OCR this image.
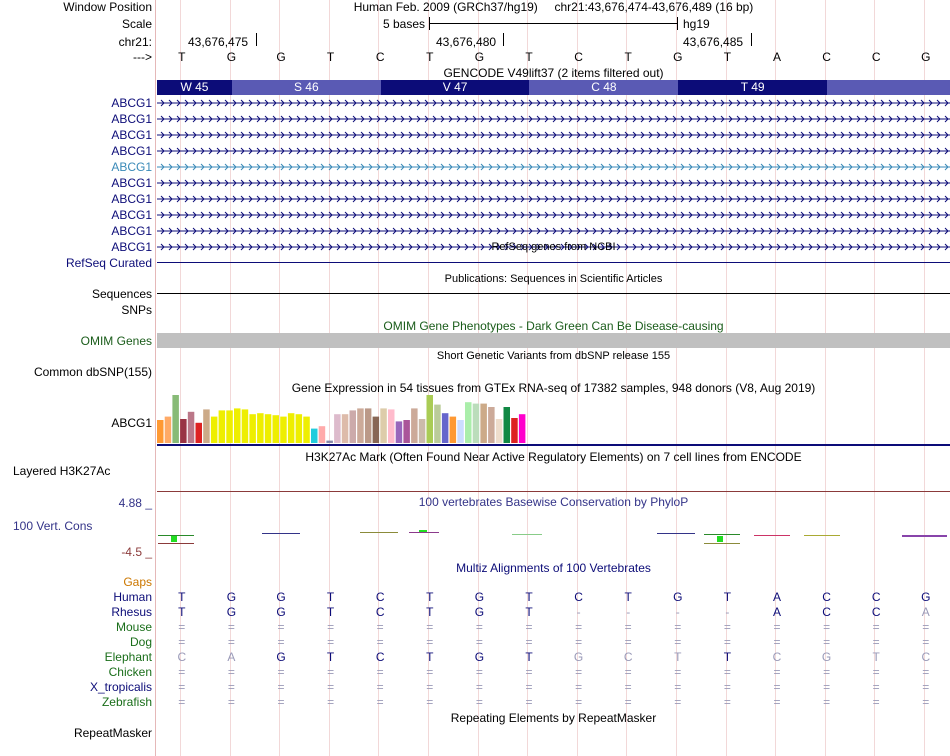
Window Position	Human Feb. 2009 (GRCh37/hg19) chr21:43,676,474-43,676,489 (16 bp)
Scale	5 bases	hg19
chr21:	43,676,475	43,676,480	43,676,485
--->	T	G	G	T	C	T	G	T	C	T	G	T	A	C	C	G
GENCODE V49lift37 (2 items filtered out)
W 45	S 46	V 47	C 48	T 49
ABCG1
ABCG1
ABCG1
ABCG1
ABCG1
ABCG1
ABCG1
ABCG1
ABCG1
ABCG1	RefSeq genes from NCBI
RefSeq Curated
Publications: Sequences in Scientific Articles
Sequences
SNPs
OMIM Gene Phenotypes - Dark Green Can Be Disease-causing
OMIM Genes
Short Genetic Variants from dbSNP release 155
Common dbSNP(155)
Gene Expression in 54 tissues from GTEx RNA-seq of 17382 samples, 948 donors (V8, Aug 2019)
ABCG1
H3K27Ac Mark (Often Found Near Active Regulatory Elements) on 7 cell lines from ENCODE
Layered H3K27Ac
100 vertebrates Basewise Conservation by PhyloP
4.88 _
100 Vert. Cons
-4.5 _
Multiz Alignments of 100 Vertebrates
Gaps
Human	T	G	G	T	C	T	G	T	C	T	G	T	A	C	C	G
Rhesus	T	G	G	T	C	T	G	T	-	-	-	-	A	C	C	A
Mouse	=	=	=	=	=	=	=	=	=	=	=	=	=	=	=	=
Dog	=	=	=	=	=	=	=	=	=	=	=	=	=	=	=	=
Elephant	C	A	G	T	C	T	G	T	G	C	T	T	C	G	T	C
Chicken	=	=	=	=	=	=	=	=	=	=	=	=	=	=	=	=
X_tropicalis	=	=	=	=	=	=	=	=	=	=	=	=	=	=	=	=
Zebrafish	=	=	=	=	=	=	=	=	=	=	=	=	=	=	=	=
Repeating Elements by RepeatMasker
RepeatMasker
